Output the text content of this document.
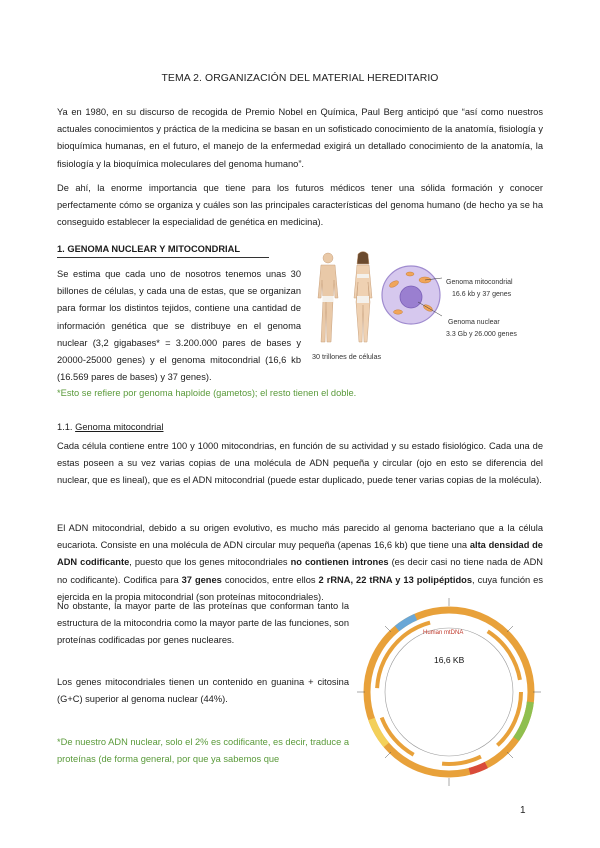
TEMA 2. ORGANIZACIÓN DEL MATERIAL HEREDITARIO
Ya en 1980, en su discurso de recogida de Premio Nobel en Química, Paul Berg anticipó que “así como nuestros actuales conocimientos y práctica de la medicina se basan en un sofisticado conocimiento de la anatomía, fisiología y bioquímica humanas, en el futuro, el manejo de la enfermedad exigirá un detallado conocimiento de la anatomía, la fisiología y la bioquímica moleculares del genoma humano”.
De ahí, la enorme importancia que tiene para los futuros médicos tener una sólida formación y conocer perfectamente cómo se organiza y cuáles son las principales características del genoma humano (de hecho ya se ha conseguido establecer la especialidad de genética en medicina).
1. GENOMA NUCLEAR Y MITOCONDRIAL
Se estima que cada uno de nosotros tenemos unas 30 billones de células, y cada una de estas, que se organizan para formar los distintos tejidos, contiene una cantidad de información genética que se distribuye en el genoma nuclear (3,2 gigabases* = 3.200.000 pares de bases y 20000-25000 genes) y el genoma mitocondrial (16,6 kb (16.569 pares de bases) y 37 genes).
30 trillones de células
Genoma mitocondrial
16.6 kb y 37 genes
Genoma nuclear
3.3 Gb y 26.000 genes
*Esto se refiere por genoma haploide (gametos); el resto tienen el doble.
1.1. Genoma mitocondrial
Cada célula contiene entre 100 y 1000 mitocondrias, en función de su actividad y su estado fisiológico. Cada una de estas poseen a su vez varias copias de una molécula de ADN pequeña y circular (ojo en esto se diferencia del nuclear, que es lineal), que es el ADN mitocondrial (puede estar duplicado, puede tener varias copias de la molécula).
El ADN mitocondrial, debido a su origen evolutivo, es mucho más parecido al genoma bacteriano que a la célula eucariota. Consiste en una molécula de ADN circular muy pequeña (apenas 16,6 kb) que tiene una alta densidad de ADN codificante, puesto que los genes mitocondriales no contienen intrones (es decir casi no tiene nada de ADN no codificante). Codifica para 37 genes conocidos, entre ellos 2 rRNA, 22 tRNA y 13 polipéptidos, cuya función es ejercida en la propia mitocondrial (son proteínas mitocondriales).
No obstante, la mayor parte de las proteínas que conforman tanto la estructura de la mitocondria como la mayor parte de las funciones, son proteínas codificadas por genes nucleares.
Los genes mitocondriales tienen un contenido en guanina + citosina (G+C) superior al genoma nuclear (44%).
*De nuestro ADN nuclear, solo el 2% es codificante, es decir, traduce a proteínas (de forma general, por que ya sabemos que
Human mtDNA
16,6 KB
1
